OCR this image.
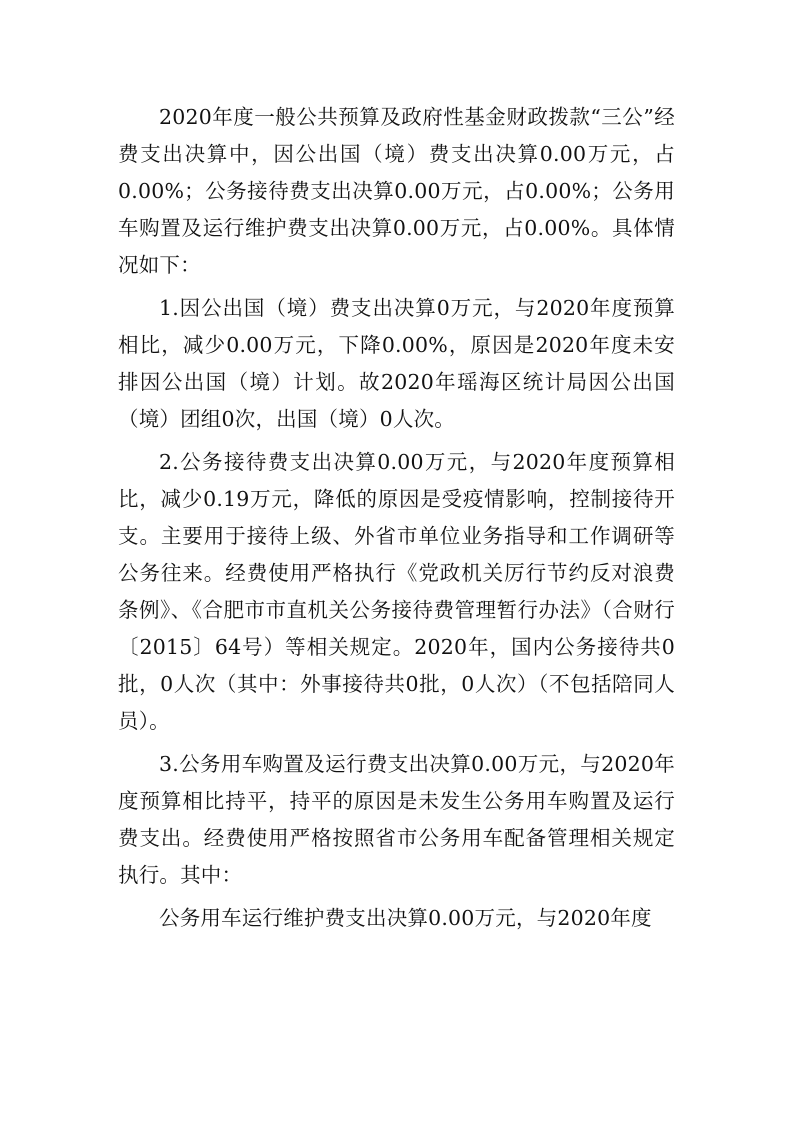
2020年度一般公共预算及政府性基金财政拨款“三公”经费支出决算中，因公出国（境）费支出决算0.00万元，占0.00%；公务接待费支出决算0.00万元，占0.00%；公务用车购置及运行维护费支出决算0.00万元，占0.00%。具体情况如下：

1.因公出国（境）费支出决算0万元，与2020年度预算相比，减少0.00万元，下降0.00%，原因是2020年度未安排因公出国（境）计划。故2020年瑶海区统计局因公出国（境）团组0次，出国（境）0人次。

2.公务接待费支出决算0.00万元，与2020年度预算相比，减少0.19万元，降低的原因是受疫情影响，控制接待开支。主要用于接待上级、外省市单位业务指导和工作调研等公务往来。经费使用严格执行《党政机关厉行节约反对浪费条例》、《合肥市市直机关公务接待费管理暂行办法》（合财行〔2015〕64号）等相关规定。2020年，国内公务接待共0批，0人次（其中：外事接待共0批，0人次）（不包括陪同人员）。

3.公务用车购置及运行费支出决算0.00万元，与2020年度预算相比持平，持平的原因是未发生公务用车购置及运行费支出。经费使用严格按照省市公务用车配备管理相关规定执行。其中：

公务用车运行维护费支出决算0.00万元，与2020年度
